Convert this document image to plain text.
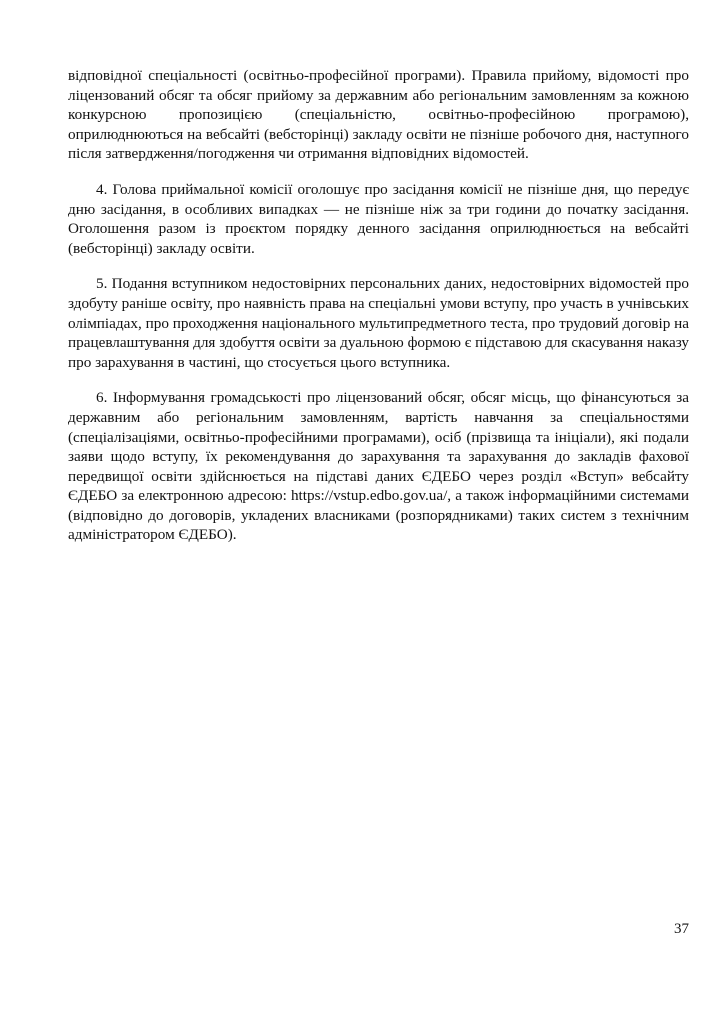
відповідної спеціальності (освітньо-професійної програми). Правила прийому, відомості про ліцензований обсяг та обсяг прийому за державним або регіональним замовленням за кожною конкурсною пропозицією (спеціальністю, освітньо-професійною програмою), оприлюднюються на вебсайті (вебсторінці) закладу освіти не пізніше робочого дня, наступного після затвердження/погодження чи отримання відповідних відомостей.

4. Голова приймальної комісії оголошує про засідання комісії не пізніше дня, що передує дню засідання, в особливих випадках — не пізніше ніж за три години до початку засідання. Оголошення разом із проєктом порядку денного засідання оприлюднюється на вебсайті (вебсторінці) закладу освіти.

5. Подання вступником недостовірних персональних даних, недостовірних відомостей про здобуту раніше освіту, про наявність права на спеціальні умови вступу, про участь в учнівських олімпіадах, про проходження національного мультипредметного теста, про трудовий договір на працевлаштування для здобуття освіти за дуальною формою є підставою для скасування наказу про зарахування в частині, що стосується цього вступника.

6. Інформування громадськості про ліцензований обсяг, обсяг місць, що фінансуються за державним або регіональним замовленням, вартість навчання за спеціальностями (спеціалізаціями, освітньо-професійними програмами), осіб (прізвища та ініціали), які подали заяви щодо вступу, їх рекомендування до зарахування та зарахування до закладів фахової передвищої освіти здійснюється на підставі даних ЄДЕБО через розділ «Вступ» вебсайту ЄДЕБО за електронною адресою: https://vstup.edbo.gov.ua/, а також інформаційними системами (відповідно до договорів, укладених власниками (розпорядниками) таких систем з технічним адміністратором ЄДЕБО).

37
